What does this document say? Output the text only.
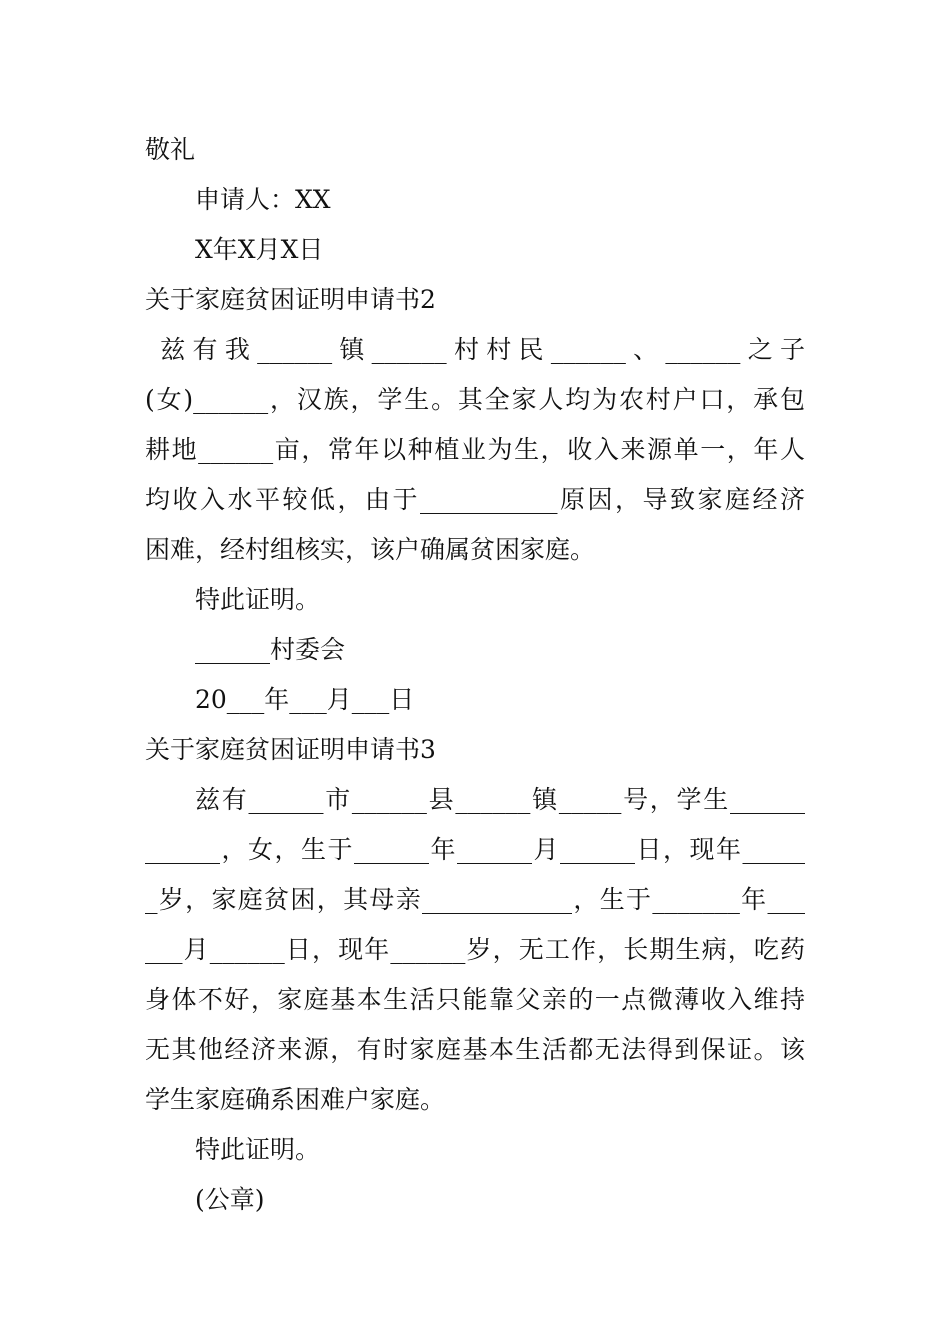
敬礼

申请人：XX

X年X月X日

关于家庭贫困证明申请书2

兹有我______镇______村村民______、______之子

(女)______，汉族，学生。其全家人均为农村户口，承包

耕地______亩，常年以种植业为生，收入来源单一，年人

均收入水平较低，由于___________原因，导致家庭经济

困难，经村组核实，该户确属贫困家庭。

特此证明。

______村委会

20___年___月___日

关于家庭贫困证明申请书3

兹有______市______县______镇_____号，学生______

______，女，生于______年______月______日，现年_____

_岁，家庭贫困，其母亲____________，生于_______年___

___月______日，现年______岁，无工作，长期生病，吃药

身体不好，家庭基本生活只能靠父亲的一点微薄收入维持

无其他经济来源，有时家庭基本生活都无法得到保证。该

学生家庭确系困难户家庭。

特此证明。

(公章)
